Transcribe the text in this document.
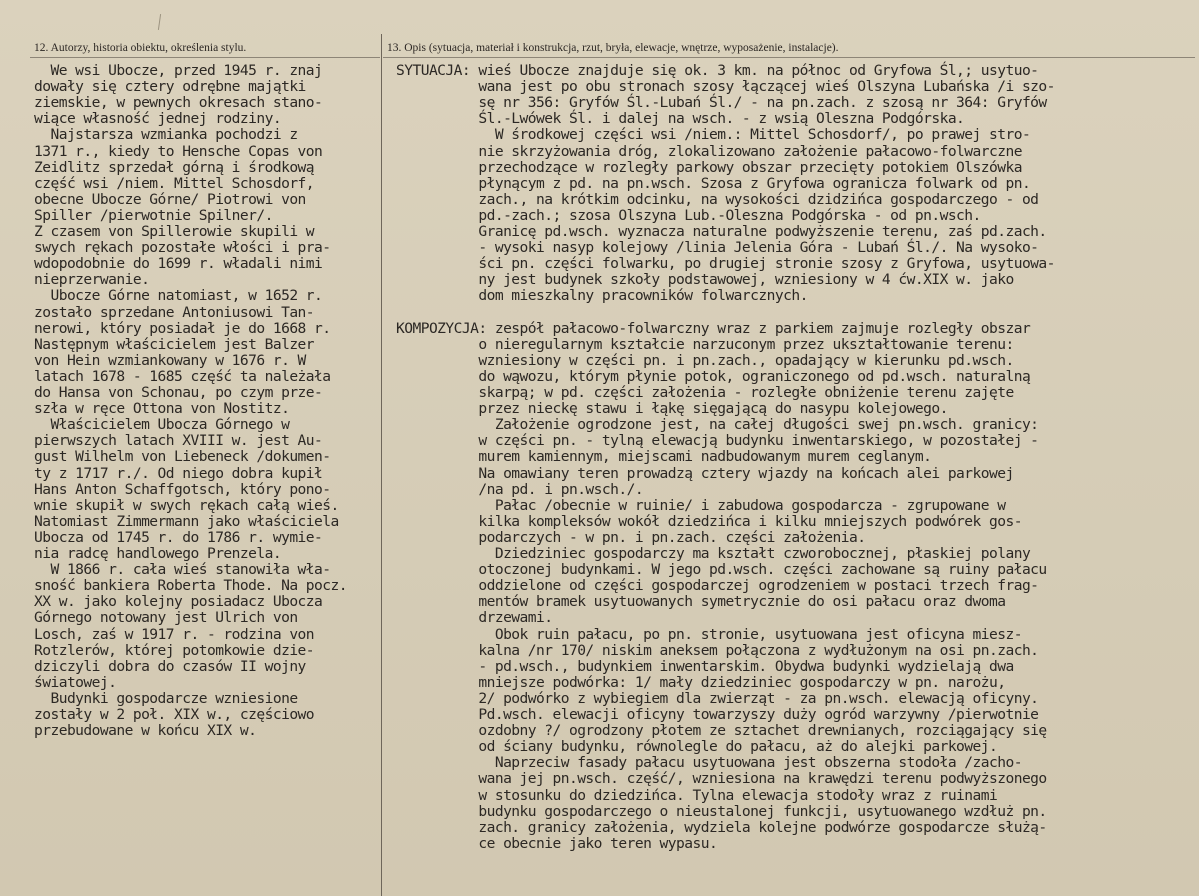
12. Autorzy, historia obiektu, określenia stylu.	13. Opis (sytuacja, materiał i konstrukcja, rzut, bryła, elewacje, wnętrze, wyposażenie, instalacje).
We wsi Ubocze, przed 1945 r. znaj
dowały się cztery odrębne majątki
ziemskie, w pewnych okresach stano-
wiące własność jednej rodziny.
Najstarsza wzmianka pochodzi z
1371 r., kiedy to Hensche Copas von
Zeidlitz sprzedał górną i środkową
część wsi /niem. Mittel Schosdorf,
obecne Ubocze Górne/ Piotrowi von
Spiller /pierwotnie Spilner/.
Z czasem von Spillerowie skupili w
swych rękach pozostałe włości i pra-
wdopodobnie do 1699 r. władali nimi
nieprzerwanie.
Ubocze Górne natomiast, w 1652 r.
zostało sprzedane Antoniusowi Tan-
nerowi, który posiadał je do 1668 r.
Następnym właścicielem jest Balzer
von Hein wzmiankowany w 1676 r. W
latach 1678 - 1685 część ta należała
do Hansa von Schonau, po czym prze-
szła w ręce Ottona von Nostitz.
Właścicielem Ubocza Górnego w
pierwszych latach XVIII w. jest Au-
gust Wilhelm von Liebeneck /dokumen-
ty z 1717 r./. Od niego dobra kupił
Hans Anton Schaffgotsch, który pono-
wnie skupił w swych rękach całą wieś.
Natomiast Zimmermann jako właściciela
Ubocza od 1745 r. do 1786 r. wymie-
nia radcę handlowego Prenzela.
W 1866 r. cała wieś stanowiła wła-
sność bankiera Roberta Thode. Na pocz.
XX w. jako kolejny posiadacz Ubocza
Górnego notowany jest Ulrich von
Losch, zaś w 1917 r. - rodzina von
Rotzlerów, której potomkowie dzie-
dziczyli dobra do czasów II wojny
światowej.
Budynki gospodarcze wzniesione
zostały w 2 poł. XIX w., częściowo
przebudowane w końcu XIX w.
SYTUACJA: wieś Ubocze znajduje się ok. 3 km. na północ od Gryfowa Śl,; usytuo-
wana jest po obu stronach szosy łączącej wieś Olszyna Lubańska /i szo-
sę nr 356: Gryfów Śl.-Lubań Śl./ - na pn.zach. z szosą nr 364: Gryfów
Śl.-Lwówek Śl. i dalej na wsch. - z wsią Oleszna Podgórska.
W środkowej części wsi /niem.: Mittel Schosdorf/, po prawej stro-
nie skrzyżowania dróg, zlokalizowano założenie pałacowo-folwarczne
przechodzące w rozległy parkowy obszar przecięty potokiem Olszówka
płynącym z pd. na pn.wsch. Szosa z Gryfowa ogranicza folwark od pn.
zach., na krótkim odcinku, na wysokości dzidzińca gospodarczego - od
pd.-zach.; szosa Olszyna Lub.-Oleszna Podgórska - od pn.wsch.
Granicę pd.wsch. wyznacza naturalne podwyższenie terenu, zaś pd.zach.
- wysoki nasyp kolejowy /linia Jelenia Góra - Lubań Śl./. Na wysoko-
ści pn. części folwarku, po drugiej stronie szosy z Gryfowa, usytuowa-
ny jest budynek szkoły podstawowej, wzniesiony w 4 ćw.XIX w. jako
dom mieszkalny pracowników folwarcznych.
KOMPOZYCJA: zespół pałacowo-folwarczny wraz z parkiem zajmuje rozległy obszar
o nieregularnym kształcie narzuconym przez ukształtowanie terenu:
wzniesiony w części pn. i pn.zach., opadający w kierunku pd.wsch.
do wąwozu, którym płynie potok, ograniczonego od pd.wsch. naturalną
skarpą; w pd. części założenia - rozległe obniżenie terenu zajęte
przez nieckę stawu i łąkę sięgającą do nasypu kolejowego.
Założenie ogrodzone jest, na całej długości swej pn.wsch. granicy:
w części pn. - tylną elewacją budynku inwentarskiego, w pozostałej -
murem kamiennym, miejscami nadbudowanym murem ceglanym.
Na omawiany teren prowadzą cztery wjazdy na końcach alei parkowej
/na pd. i pn.wsch./.
Pałac /obecnie w ruinie/ i zabudowa gospodarcza - zgrupowane w
kilka kompleksów wokół dziedzińca i kilku mniejszych podwórek gos-
podarczych - w pn. i pn.zach. części założenia.
Dziedziniec gospodarczy ma kształt czworobocznej, płaskiej polany
otoczonej budynkami. W jego pd.wsch. części zachowane są ruiny pałacu
oddzielone od części gospodarczej ogrodzeniem w postaci trzech frag-
mentów bramek usytuowanych symetrycznie do osi pałacu oraz dwoma
drzewami.
Obok ruin pałacu, po pn. stronie, usytuowana jest oficyna miesz-
kalna /nr 170/ niskim aneksem połączona z wydłużonym na osi pn.zach.
- pd.wsch., budynkiem inwentarskim. Obydwa budynki wydzielają dwa
mniejsze podwórka: 1/ mały dziedziniec gospodarczy w pn. narożu,
2/ podwórko z wybiegiem dla zwierząt - za pn.wsch. elewacją oficyny.
Pd.wsch. elewacji oficyny towarzyszy duży ogród warzywny /pierwotnie
ozdobny ?/ ogrodzony płotem ze sztachet drewnianych, rozciągający się
od ściany budynku, równolegle do pałacu, aż do alejki parkowej.
Naprzeciw fasady pałacu usytuowana jest obszerna stodoła /zacho-
wana jej pn.wsch. część/, wzniesiona na krawędzi terenu podwyższonego
w stosunku do dziedzińca. Tylna elewacja stodoły wraz z ruinami
budynku gospodarczego o nieustalonej funkcji, usytuowanego wzdłuż pn.
zach. granicy założenia, wydziela kolejne podwórze gospodarcze służą-
ce obecnie jako teren wypasu.
